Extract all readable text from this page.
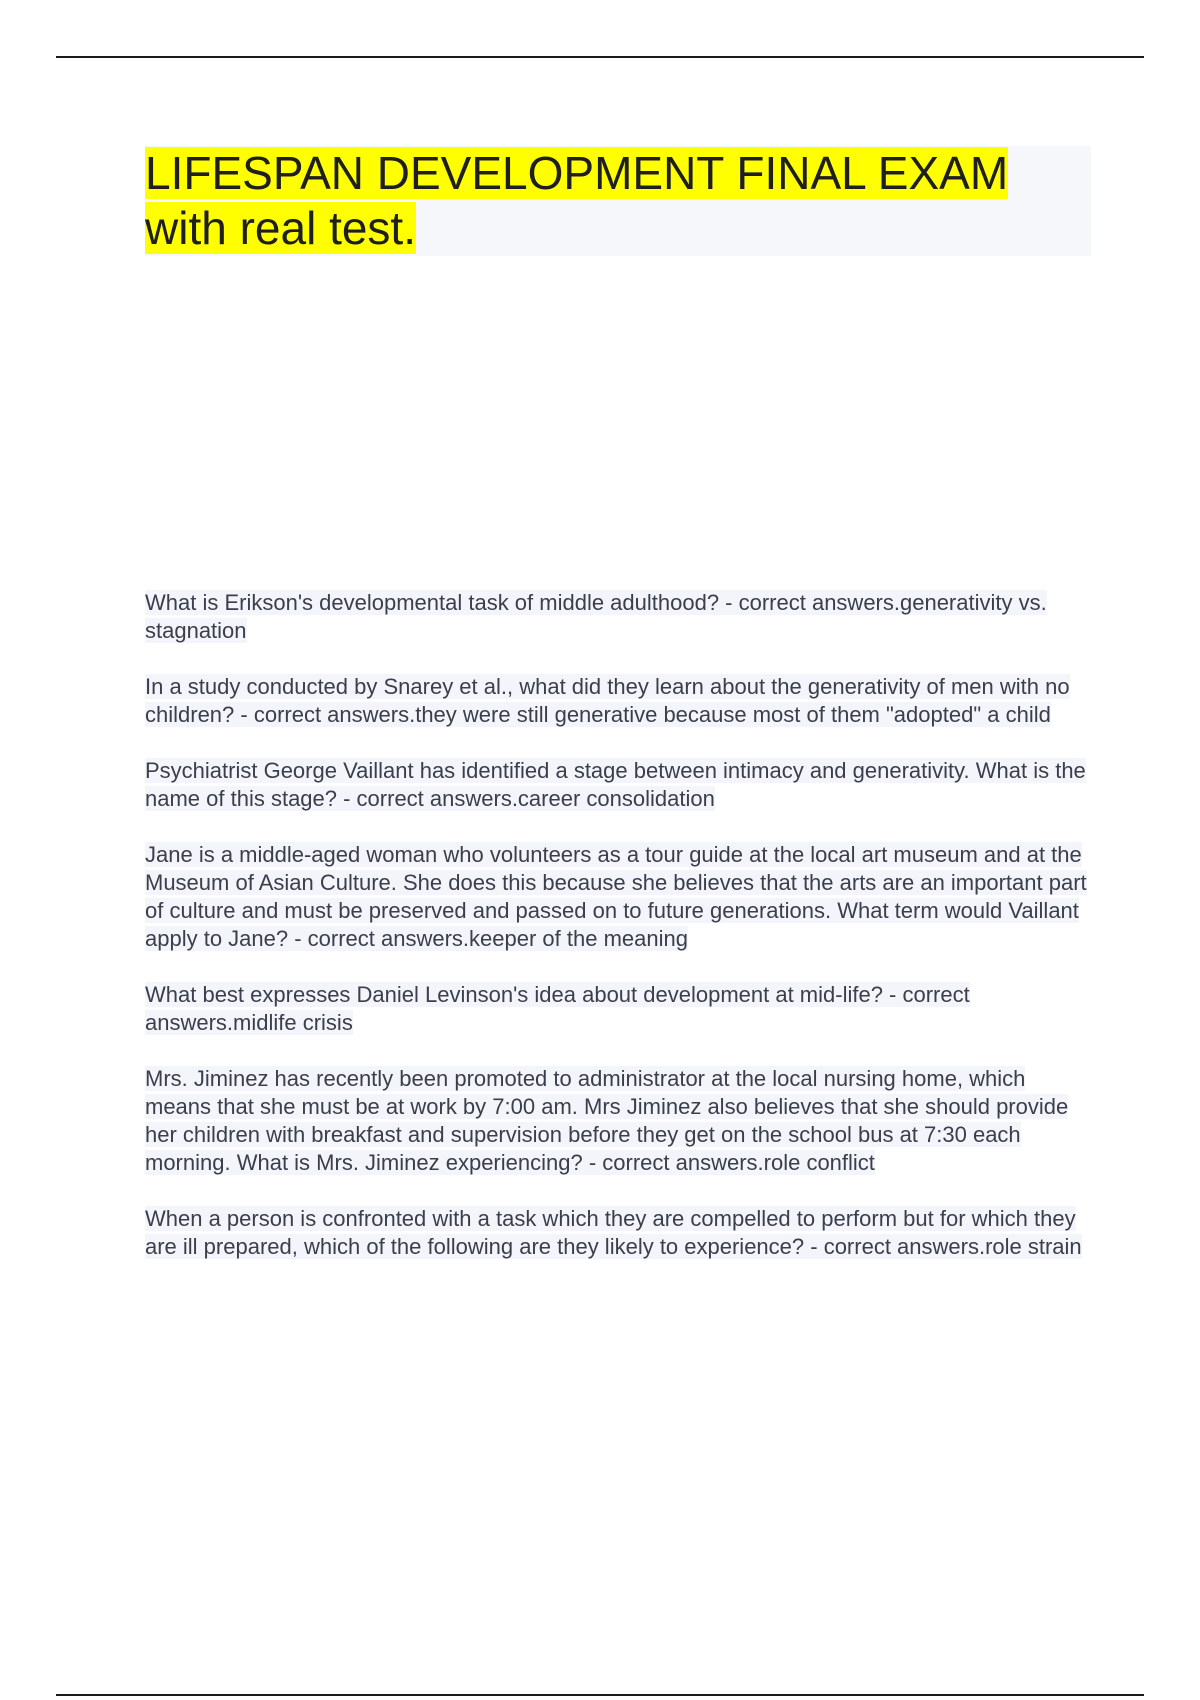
LIFESPAN DEVELOPMENT FINAL EXAM with real test.
What is Erikson's developmental task of middle adulthood? - correct answers.generativity vs. stagnation
In a study conducted by Snarey et al., what did they learn about the generativity of men with no children? - correct answers.they were still generative because most of them "adopted" a child
Psychiatrist George Vaillant has identified a stage between intimacy and generativity. What is the name of this stage? - correct answers.career consolidation
Jane is a middle-aged woman who volunteers as a tour guide at the local art museum and at the Museum of Asian Culture. She does this because she believes that the arts are an important part of culture and must be preserved and passed on to future generations. What term would Vaillant apply to Jane? - correct answers.keeper of the meaning
What best expresses Daniel Levinson's idea about development at mid-life? - correct answers.midlife crisis
Mrs. Jiminez has recently been promoted to administrator at the local nursing home, which means that she must be at work by 7:00 am. Mrs Jiminez also believes that she should provide her children with breakfast and supervision before they get on the school bus at 7:30 each morning. What is Mrs. Jiminez experiencing? - correct answers.role conflict
When a person is confronted with a task which they are compelled to perform but for which they are ill prepared, which of the following are they likely to experience? - correct answers.role strain
